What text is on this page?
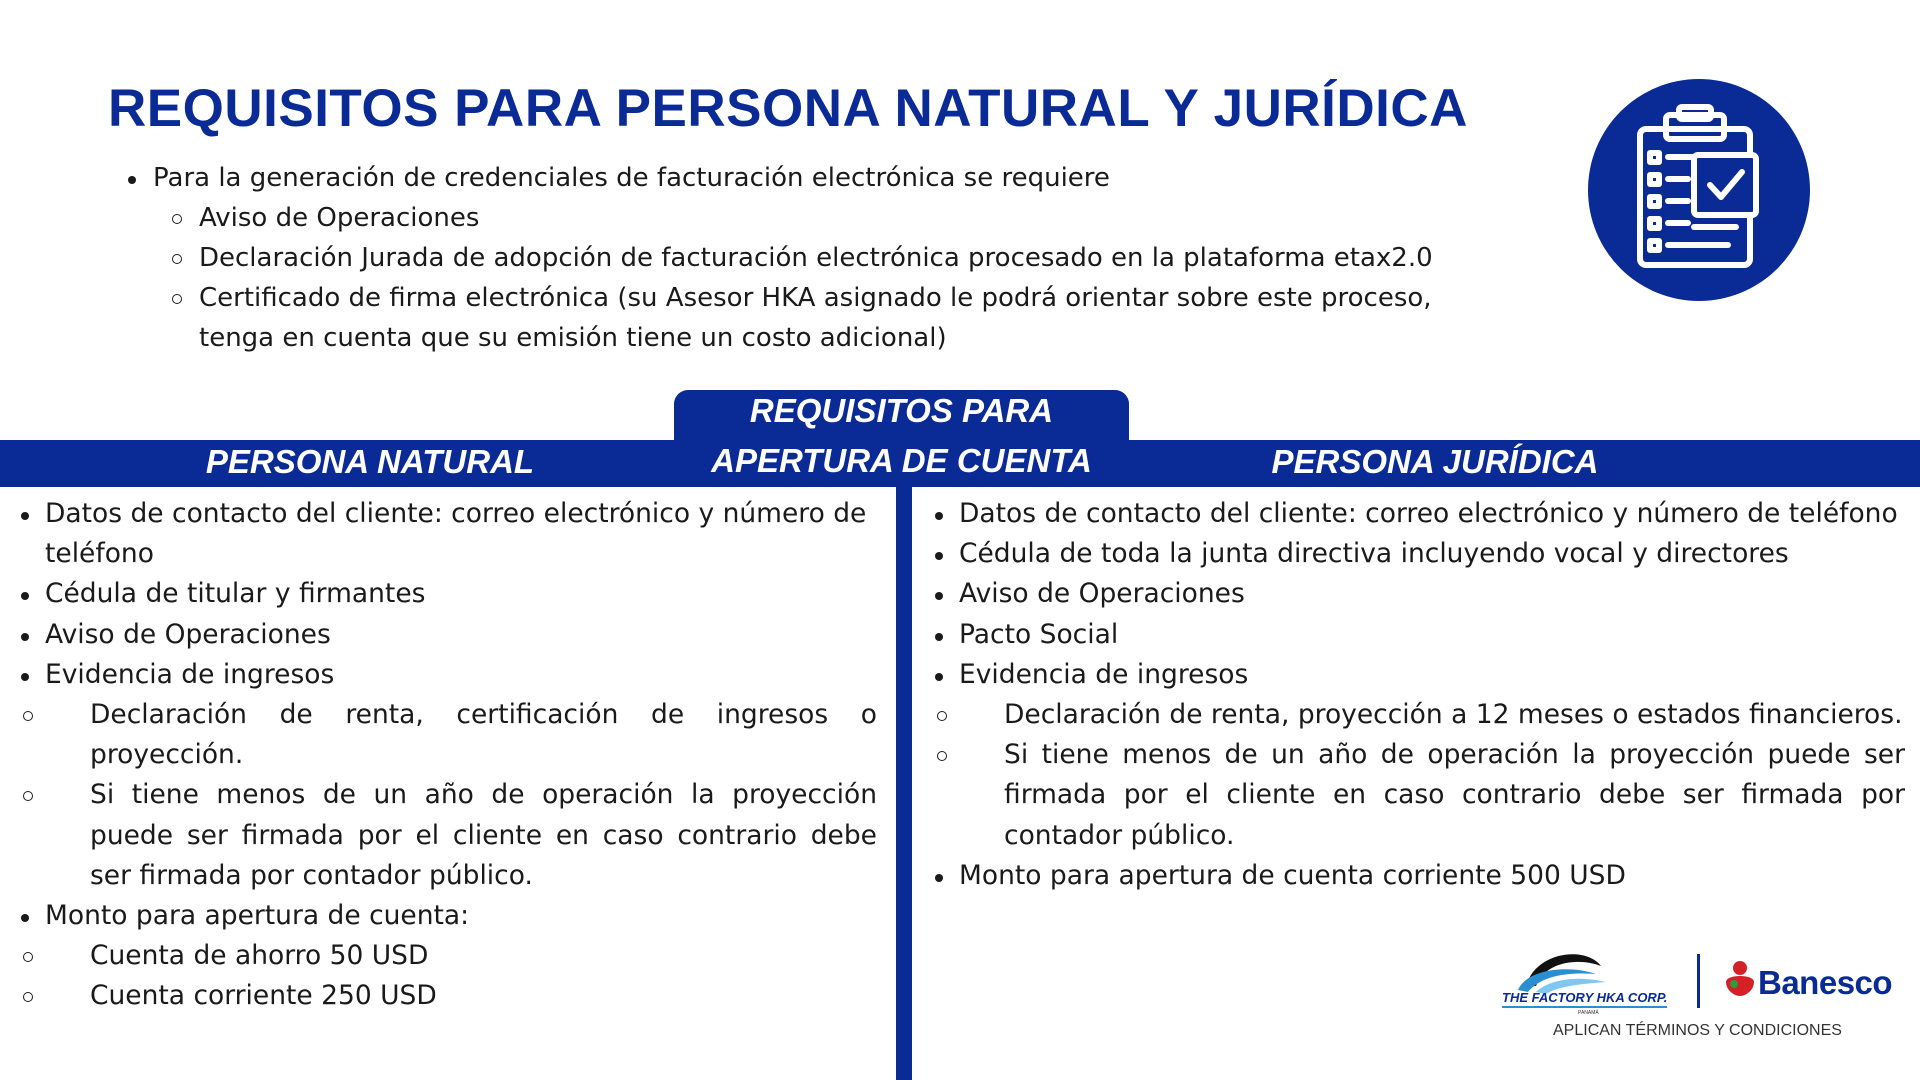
REQUISITOS PARA PERSONA NATURAL Y JURÍDICA
Para la generación de credenciales de facturación electrónica se requiere
Aviso de Operaciones
Declaración Jurada de adopción de facturación electrónica procesado en la plataforma etax2.0
Certificado de firma electrónica (su Asesor HKA asignado le podrá orientar sobre este proceso,
tenga en cuenta que su emisión tiene un costo adicional)
PERSONA NATURAL
REQUISITOS PARA
APERTURA DE CUENTA	PERSONA JURÍDICA
Datos de contacto del cliente: correo electrónico y número de teléfono
Cédula de titular y firmantes
Aviso de Operaciones
Evidencia de ingresos
Declaración de renta, certificación de ingresos o proyección.
Si tiene menos de un año de operación la proyección puede ser firmada por el cliente en caso contrario debe ser firmada por contador público.
Monto para apertura de cuenta:
Cuenta de ahorro 50 USD
Cuenta corriente 250 USD
Datos de contacto del cliente: correo electrónico y número de teléfono
Cédula de toda la junta directiva incluyendo vocal y directores
Aviso de Operaciones
Pacto Social
Evidencia de ingresos
Declaración de renta, proyección a 12 meses o estados financieros.
Si tiene menos de un año de operación la proyección puede ser firmada por el cliente en caso contrario debe ser firmada por contador público.
Monto para apertura de cuenta corriente 500 USD
THE FACTORY HKA CORP.
PANAMÁ
Banesco
APLICAN TÉRMINOS Y CONDICIONES
